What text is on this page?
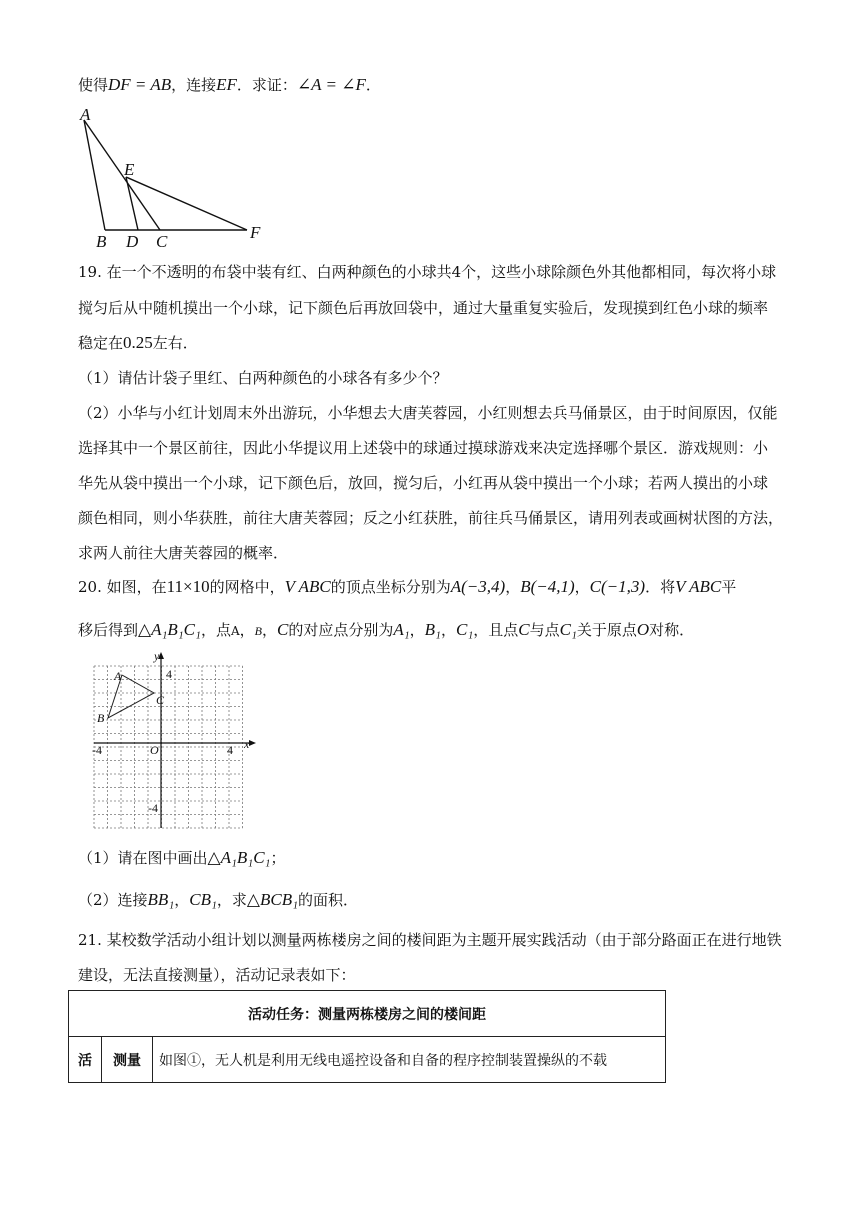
使得DF = AB，连接EF．求证：∠A = ∠F．
A
E
B D C	F
19. 在一个不透明的布袋中装有红、白两种颜色的小球共4个，这些小球除颜色外其他都相同，每次将小球
搅匀后从中随机摸出一个小球，记下颜色后再放回袋中，通过大量重复实验后，发现摸到红色小球的频率
稳定在0.25左右．
（1）请估计袋子里红、白两种颜色的小球各有多少个？
（2）小华与小红计划周末外出游玩，小华想去大唐芙蓉园，小红则想去兵马俑景区，由于时间原因，仅能
选择其中一个景区前往，因此小华提议用上述袋中的球通过摸球游戏来决定选择哪个景区．游戏规则：小
华先从袋中摸出一个小球，记下颜色后，放回，搅匀后，小红再从袋中摸出一个小球；若两人摸出的小球
颜色相同，则小华获胜，前往大唐芙蓉园；反之小红获胜，前往兵马俑景区，请用列表或画树状图的方法，
求两人前往大唐芙蓉园的概率．
20. 如图，在11×10的网格中，V ABC的顶点坐标分别为A(−3,4)，B(−4,1)，C(−1,3)．将V ABC平
移后得到△A₁B₁C₁，点A，B，C的对应点分别为A₁，B₁，C₁，且点C与点C₁关于原点O对称．
y
x
O
4
4
-4
-4
A
B
C
（1）请在图中画出△A₁B₁C₁；
（2）连接BB₁，CB₁，求△BCB₁的面积．
21. 某校数学活动小组计划以测量两栋楼房之间的楼间距为主题开展实践活动（由于部分路面正在进行地铁
建设，无法直接测量），活动记录表如下：
活动任务：测量两栋楼房之间的楼间距
活	测量	如图①，无人机是利用无线电遥控设备和自备的程序控制装置操纵的不载
